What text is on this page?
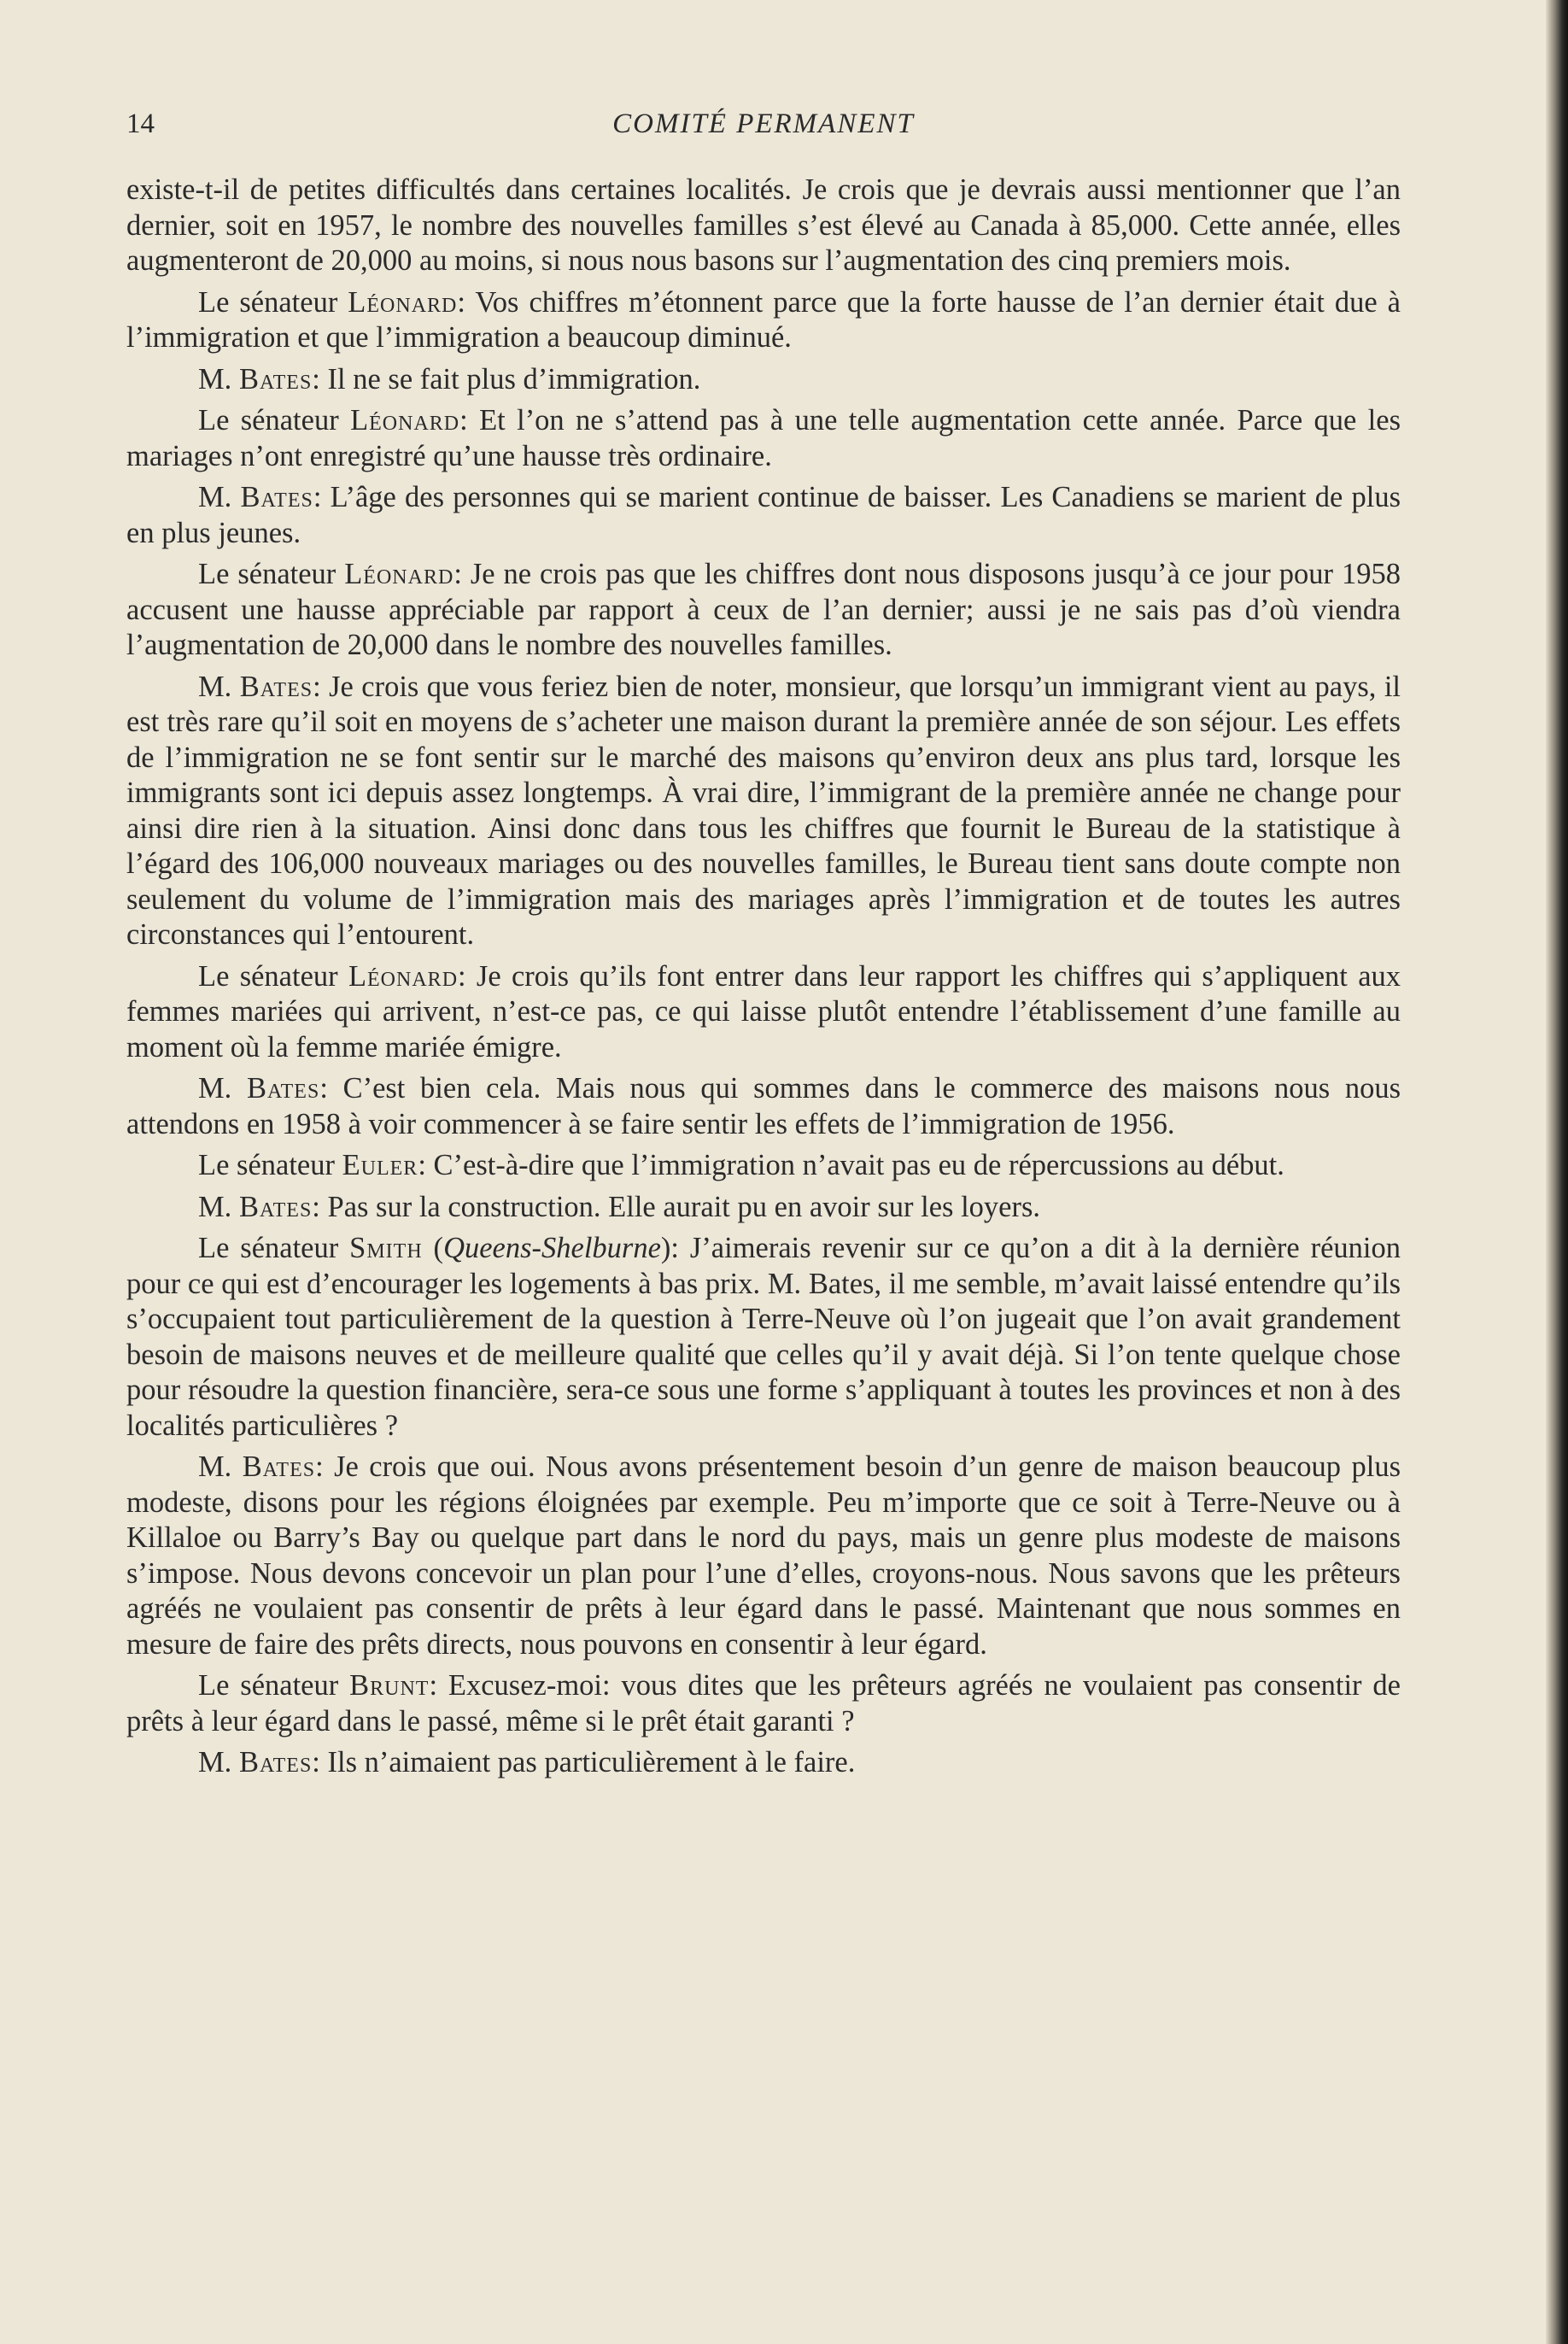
14	COMITÉ PERMANENT

existe-t-il de petites difficultés dans certaines localités. Je crois que je devrais aussi mentionner que l’an dernier, soit en 1957, le nombre des nouvelles familles s’est élevé au Canada à 85,000. Cette année, elles augmenteront de 20,000 au moins, si nous nous basons sur l’augmentation des cinq premiers mois.

Le sénateur Léonard: Vos chiffres m’étonnent parce que la forte hausse de l’an dernier était due à l’immigration et que l’immigration a beaucoup diminué.

M. Bates: Il ne se fait plus d’immigration.

Le sénateur Léonard: Et l’on ne s’attend pas à une telle augmentation cette année. Parce que les mariages n’ont enregistré qu’une hausse très ordinaire.

M. Bates: L’âge des personnes qui se marient continue de baisser. Les Canadiens se marient de plus en plus jeunes.

Le sénateur Léonard: Je ne crois pas que les chiffres dont nous disposons jusqu’à ce jour pour 1958 accusent une hausse appréciable par rapport à ceux de l’an dernier; aussi je ne sais pas d’où viendra l’augmentation de 20,000 dans le nombre des nouvelles familles.

M. Bates: Je crois que vous feriez bien de noter, monsieur, que lorsqu’un immigrant vient au pays, il est très rare qu’il soit en moyens de s’acheter une maison durant la première année de son séjour. Les effets de l’immigration ne se font sentir sur le marché des maisons qu’environ deux ans plus tard, lorsque les immigrants sont ici depuis assez longtemps. À vrai dire, l’immigrant de la première année ne change pour ainsi dire rien à la situation. Ainsi donc dans tous les chiffres que fournit le Bureau de la statistique à l’égard des 106,000 nouveaux mariages ou des nouvelles familles, le Bureau tient sans doute compte non seulement du volume de l’immigration mais des mariages après l’immigration et de toutes les autres circonstances qui l’entourent.

Le sénateur Léonard: Je crois qu’ils font entrer dans leur rapport les chiffres qui s’appliquent aux femmes mariées qui arrivent, n’est-ce pas, ce qui laisse plutôt entendre l’établissement d’une famille au moment où la femme mariée émigre.

M. Bates: C’est bien cela. Mais nous qui sommes dans le commerce des maisons nous nous attendons en 1958 à voir commencer à se faire sentir les effets de l’immigration de 1956.

Le sénateur Euler: C’est-à-dire que l’immigration n’avait pas eu de répercussions au début.

M. Bates: Pas sur la construction. Elle aurait pu en avoir sur les loyers.

Le sénateur Smith (Queens-Shelburne): J’aimerais revenir sur ce qu’on a dit à la dernière réunion pour ce qui est d’encourager les logements à bas prix. M. Bates, il me semble, m’avait laissé entendre qu’ils s’occupaient tout particulièrement de la question à Terre-Neuve où l’on jugeait que l’on avait grandement besoin de maisons neuves et de meilleure qualité que celles qu’il y avait déjà. Si l’on tente quelque chose pour résoudre la question financière, sera-ce sous une forme s’appliquant à toutes les provinces et non à des localités particulières ?

M. Bates: Je crois que oui. Nous avons présentement besoin d’un genre de maison beaucoup plus modeste, disons pour les régions éloignées par exemple. Peu m’importe que ce soit à Terre-Neuve ou à Killaloe ou Barry’s Bay ou quelque part dans le nord du pays, mais un genre plus modeste de maisons s’impose. Nous devons concevoir un plan pour l’une d’elles, croyons-nous. Nous savons que les prêteurs agréés ne voulaient pas consentir de prêts à leur égard dans le passé. Maintenant que nous sommes en mesure de faire des prêts directs, nous pouvons en consentir à leur égard.

Le sénateur Brunt: Excusez-moi: vous dites que les prêteurs agréés ne voulaient pas consentir de prêts à leur égard dans le passé, même si le prêt était garanti ?

M. Bates: Ils n’aimaient pas particulièrement à le faire.
